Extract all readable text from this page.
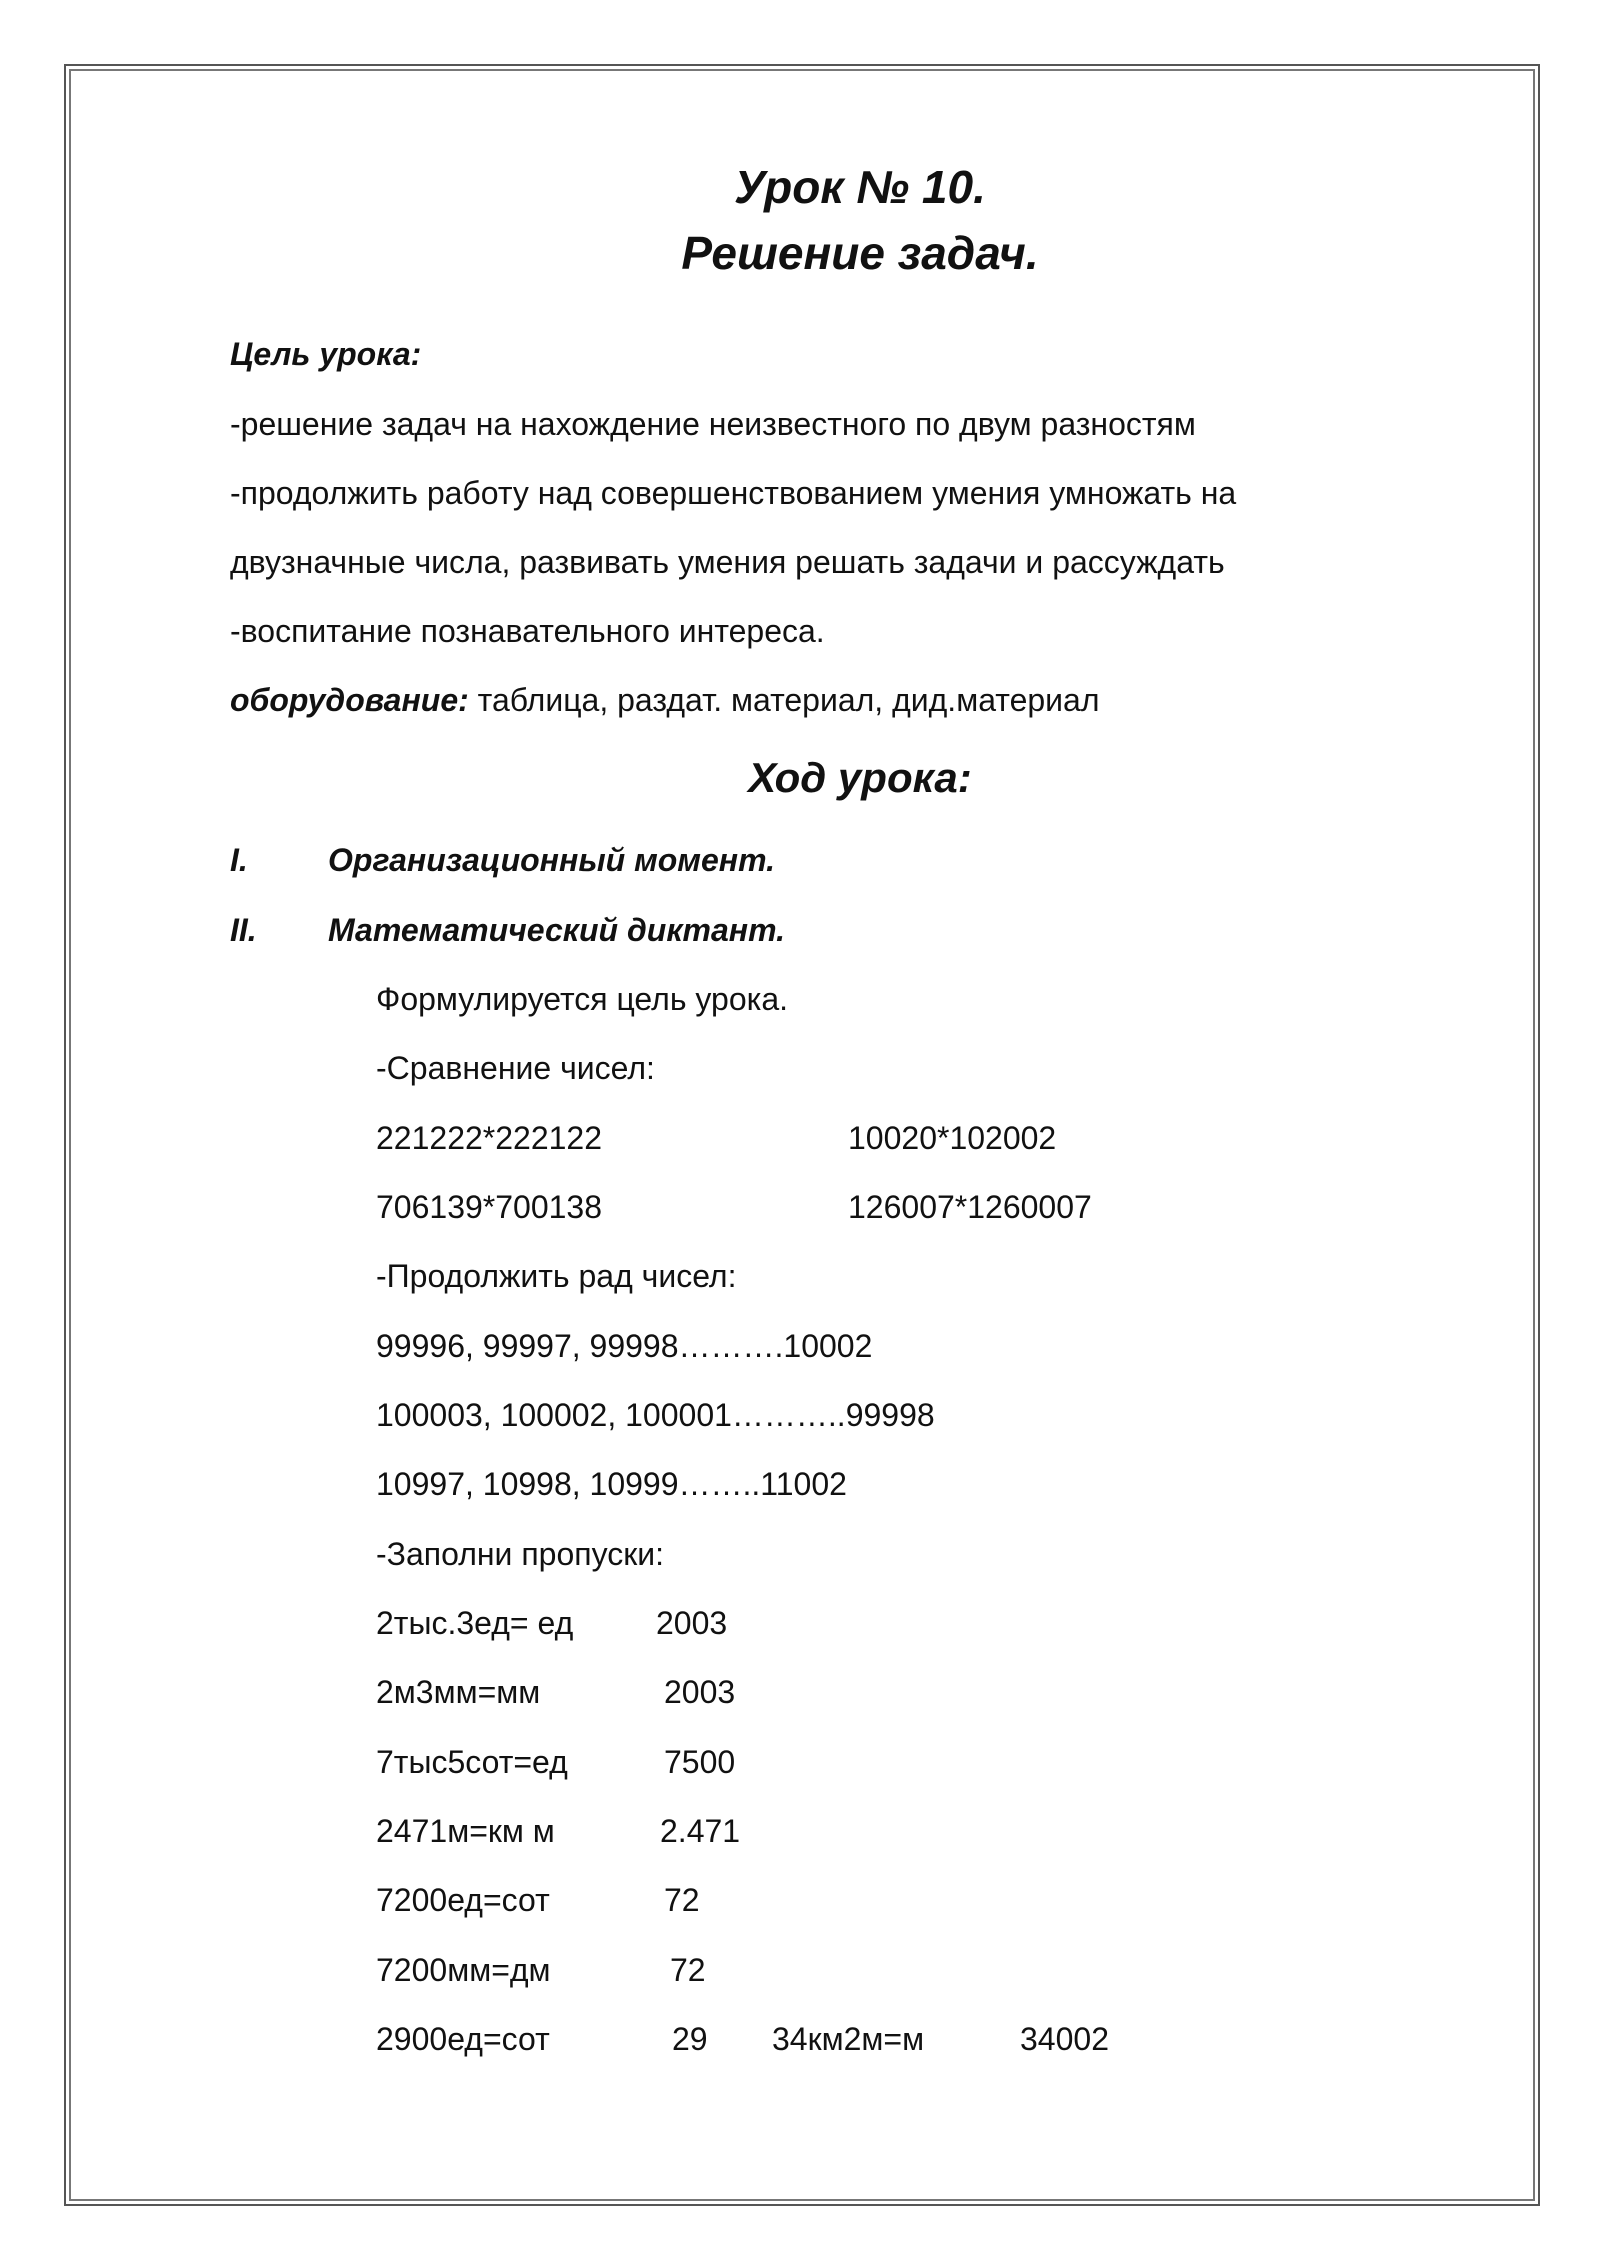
Урок № 10.
Решение задач.
Цель урока:
-решение задач на нахождение неизвестного по двум разностям
-продолжить работу над совершенствованием умения умножать на
двузначные числа, развивать умения решать задачи и рассуждать
-воспитание познавательного интереса.
оборудование: таблица, раздат. материал, дид.материал
Ход урока:
I.	Организационный момент.
II. Математический диктант.
Формулируется цель урока.
-Сравнение чисел:
221222*222122	10020*102002
706139*700138	126007*1260007
-Продолжить рад чисел:
99996, 99997, 99998……….10002
100003, 100002, 100001………..99998
10997, 10998, 10999……..11002
-Заполни пропуски:
2тыс.3ед= ед	2003
2м3мм=мм	2003
7тыс5сот=ед	7500
2471м=км м	2.471
7200ед=сот	72
7200мм=дм	72
2900ед=сот	29 34км2м=м	34002
